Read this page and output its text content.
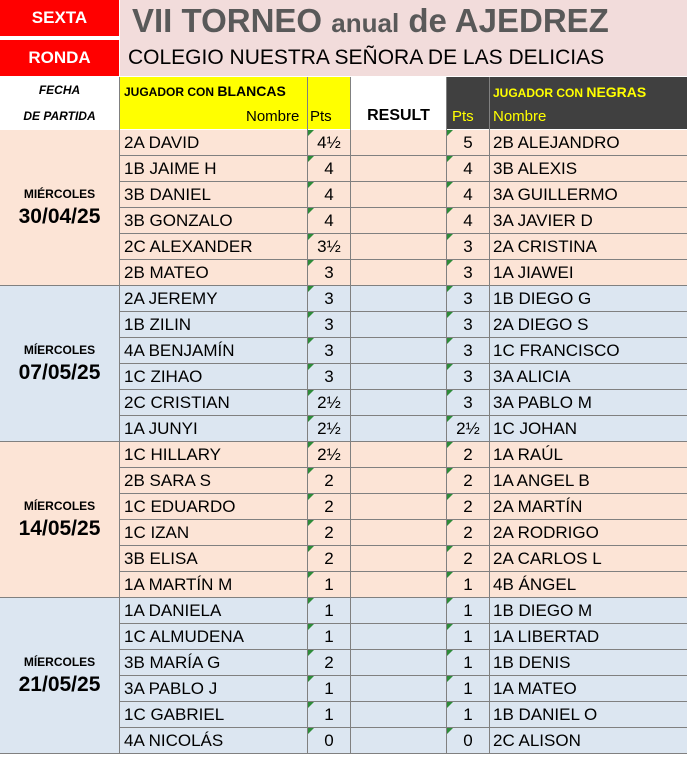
SEXTA
RONDA
VII TORNEO anual de AJEDREZ
COLEGIO NUESTRA SEÑORA DE LAS DELICIAS
FECHA
DE PARTIDA
JUGADOR CON BLANCAS
Nombre Pts	RESULT
JUGADOR CON NEGRAS
Pts Nombre
MIÉRCOLES
30/04/25
2A DAVID	4½	5	2B ALEJANDRO
1B JAIME H	4	4	3B ALEXIS
3B DANIEL	4	4	3A GUILLERMO
3B GONZALO	4	4	3A JAVIER D
2C ALEXANDER	3½	3	2A CRISTINA
2B MATEO	3	3	1A JIAWEI
MÍERCOLES
07/05/25
2A JEREMY	3	3	1B DIEGO G
1B ZILIN	3	3	2A DIEGO S
4A BENJAMÍN	3	3	1C FRANCISCO
1C ZIHAO	3	3	3A ALICIA
2C CRISTIAN	2½	3	3A PABLO M
1A JUNYI	2½	2½ 1C JOHAN
MÍERCOLES
14/05/25
1C HILLARY	2½	2	1A RAÚL
2B SARA S	2	2	1A ANGEL B
1C EDUARDO	2	2	2A MARTÍN
1C IZAN	2	2	2A RODRIGO
3B ELISA	2	2	2A CARLOS L
1A MARTÍN M	1	1	4B ÁNGEL
MÍERCOLES
21/05/25
1A DANIELA	1	1	1B DIEGO M
1C ALMUDENA	1	1	1A LIBERTAD
3B MARÍA G	2	1	1B DENIS
3A PABLO J	1	1	1A MATEO
1C GABRIEL	1	1	1B DANIEL O
4A NICOLÁS	0	0	2C ALISON
